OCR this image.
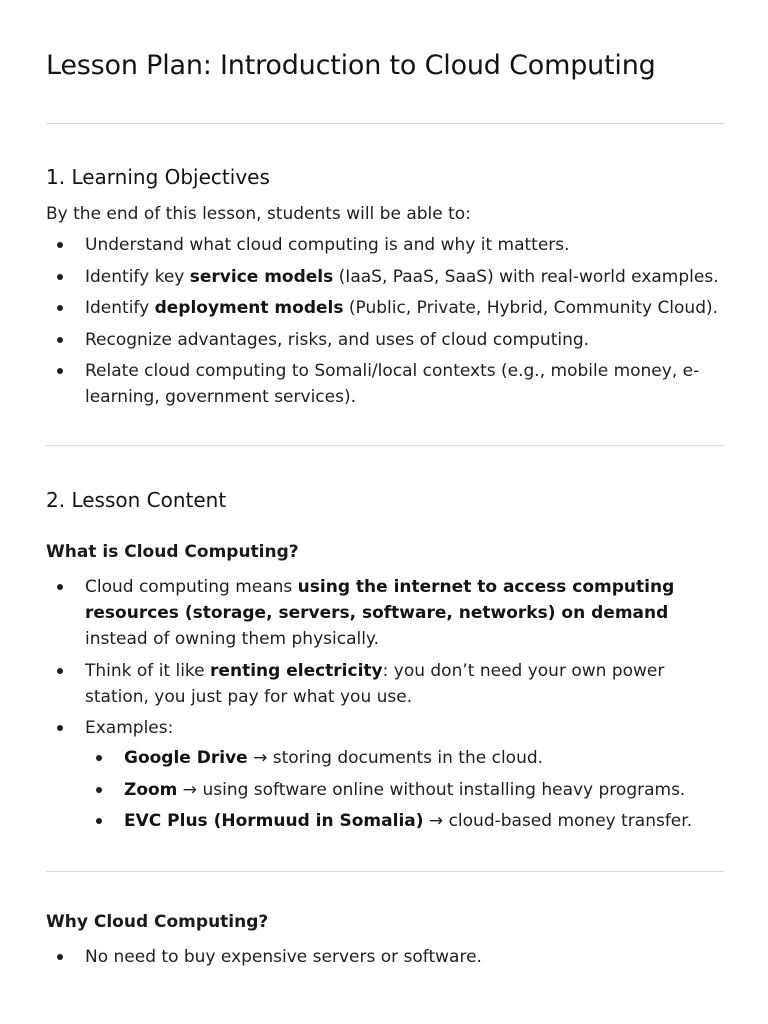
Lesson Plan: Introduction to Cloud Computing
1. Learning Objectives

By the end of this lesson, students will be able to:

Understand what cloud computing is and why it matters.
Identify key service models (IaaS, PaaS, SaaS) with real-world examples.
Identify deployment models (Public, Private, Hybrid, Community Cloud).
Recognize advantages, risks, and uses of cloud computing.
Relate cloud computing to Somali/local contexts (e.g., mobile money, e-learning, government services).
2. Lesson Content
What is Cloud Computing?
Cloud computing means using the internet to access computing resources (storage, servers, software, networks) on demand instead of owning them physically.
Think of it like renting electricity: you don’t need your own power station, you just pay for what you use.
Examples:
Google Drive → storing documents in the cloud.
Zoom → using software online without installing heavy programs.
EVC Plus (Hormuud in Somalia) → cloud-based money transfer.
Why Cloud Computing?
No need to buy expensive servers or software.
